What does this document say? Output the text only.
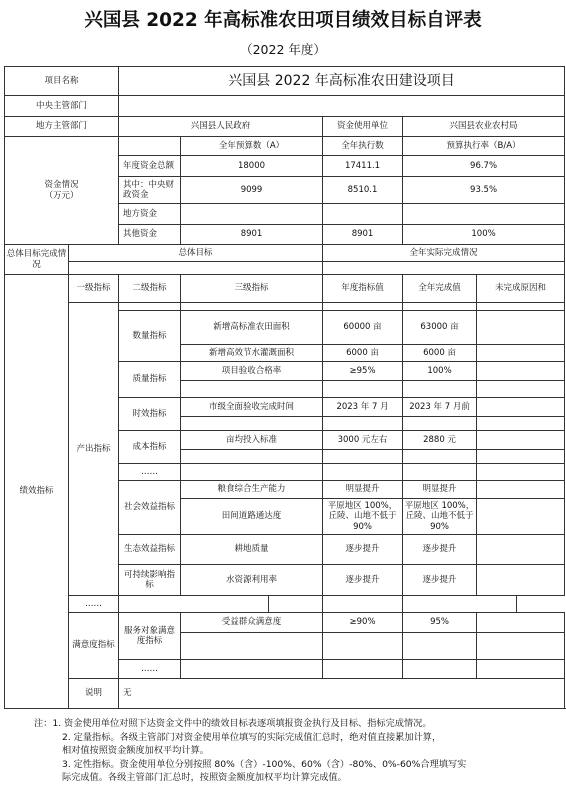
兴国县 2022 年高标准农田项目绩效目标自评表
（2022 年度）
项目名称		兴国县 2022 年高标准农田建设项目					
中央主管部门							
地方主管部门		兴国县人民政府			资金使用单位	兴国县农业农村局	

资金情况
（万元）			全年预算数（A）		全年执行数	预算执行率（B/A）	
		年度资金总额	18000		17411.1	96.7%	
		其中：中央财政资金	9099		8510.1	93.5%	
		地方资金					
		其他资金	8901		8901	100%	
总体目标完成情况	总体目标				全年实际完成情况		

绩效指标	一级指标	二级指标	三级指标		年度指标值	全年完成值	未完成原因和
	产出指标						
		数量指标	新增高标准农田面积		60000 亩	63000 亩	
			新增高效节水灌溉面积		6000 亩	6000 亩	
		质量指标	项目验收合格率		≥95%	100%	

		时效指标	市级全面验收完成时间		2023 年 7 月	2023 年 7 月前	

		成本指标	亩均投入标准		3000 元左右	2880 元	

		……					
		社会效益指标	粮食综合生产能力		明显提升	明显提升	
			田间道路通达度		平原地区 100%，丘陵、山地不低于 90%	平原地区 100%，丘陵、山地不低于 90%	
		生态效益指标	耕地质量		逐步提升	逐步提升	
		可持续影响指标	水资源利用率		逐步提升	逐步提升	
	……						
	满意度指标	服务对象满意度指标	受益群众满意度		≥90%	95%	

		……					
	说明	无					
注：1. 资金使用单位对照下达资金文件中的绩效目标表逐项填报资金执行及目标、指标完成情况。
2. 定量指标。各级主管部门对资金使用单位填写的实际完成值汇总时，绝对值直接累加计算，
相对值按照资金额度加权平均计算。
3. 定性指标。资金使用单位分别按照 80%（含）-100%、60%（含）-80%、0%-60%合理填写实
际完成值。各级主管部门汇总时，按照资金额度加权平均计算完成值。
